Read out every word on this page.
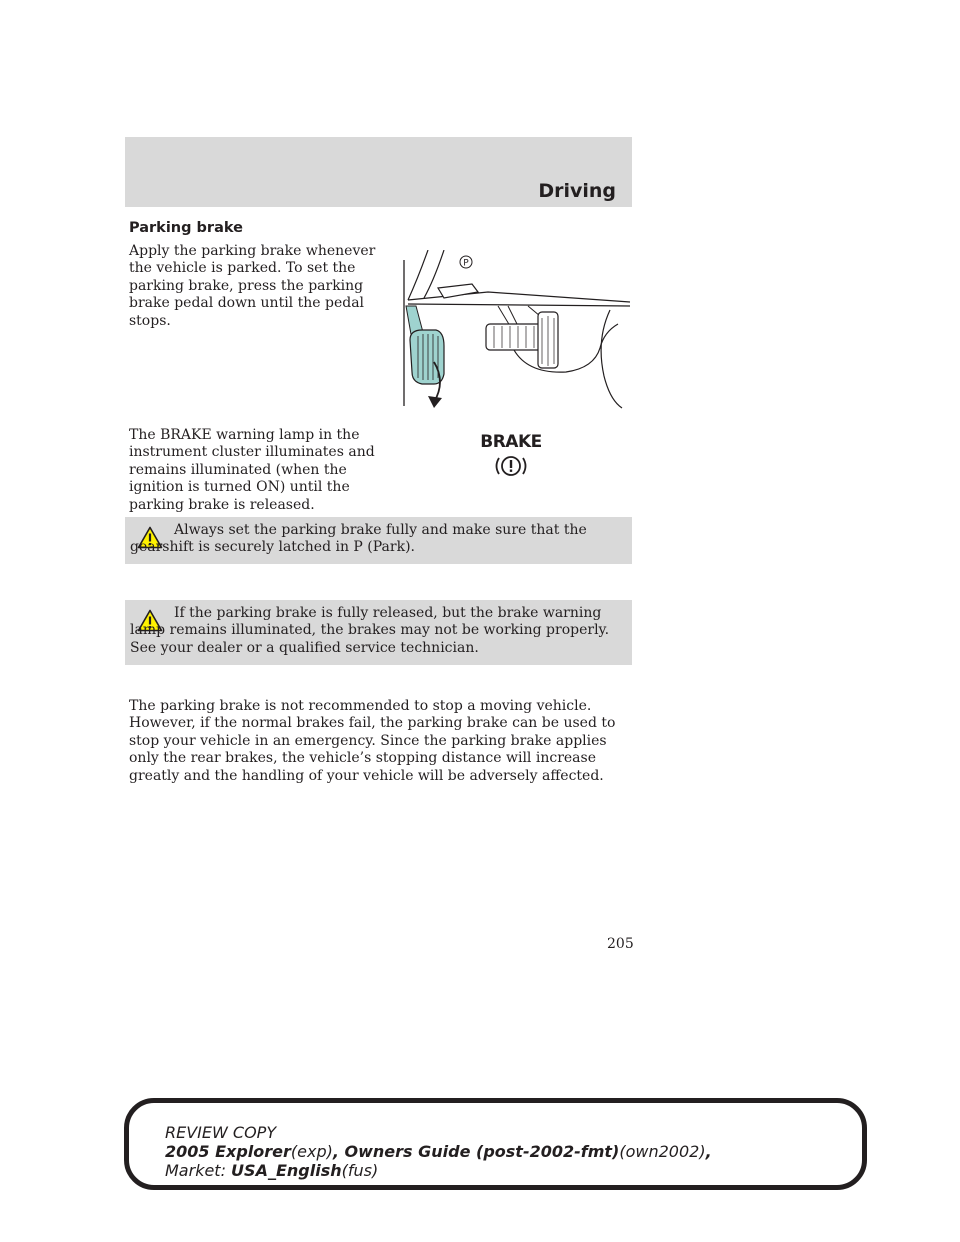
Driving
Parking brake

Apply the parking brake whenever the vehicle is parked. To set the parking brake, press the parking brake pedal down until the pedal stops.

P

The BRAKE warning lamp in the instrument cluster illuminates and remains illuminated (when the ignition is turned ON) until the parking brake is released.

BRAKE

Always set the parking brake fully and make sure that the gearshift is securely latched in P (Park).

If the parking brake is fully released, but the brake warning lamp remains illuminated, the brakes may not be working properly. See your dealer or a qualified service technician.

The parking brake is not recommended to stop a moving vehicle. However, if the normal brakes fail, the parking brake can be used to stop your vehicle in an emergency. Since the parking brake applies only the rear brakes, the vehicle’s stopping distance will increase greatly and the handling of your vehicle will be adversely affected.

205
REVIEW COPY
2005 Explorer(exp), Owners Guide (post-2002-fmt)(own2002),
Market: USA_English(fus)
